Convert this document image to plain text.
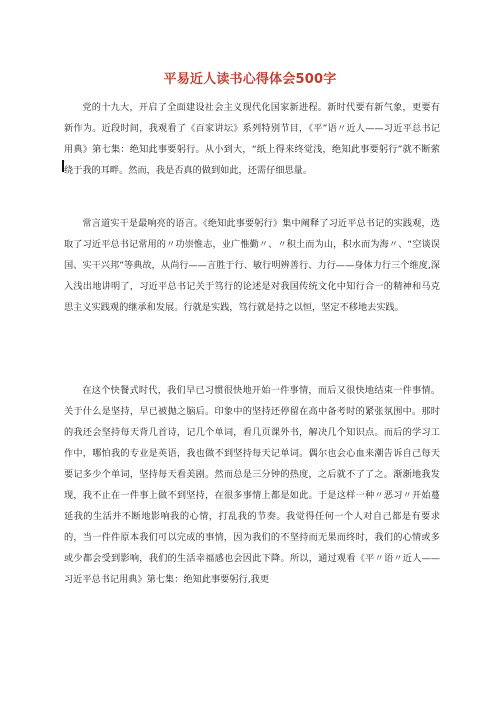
平易近人读书心得体会500字

党的十九大，开启了全面建设社会主义现代化国家新进程。新时代要有新气象，更要有新作为。近段时间，我观看了《百家讲坛》系列特别节目，《平”语〃近人——习近平总书记用典》第七集：绝知此事要躬行。从小到大，“纸上得来终觉浅，绝知此事要躬行”就不断萦绕于我的耳畔。然而，我是否真的做到如此，还需仔细思量。

常言道实干是最响亮的语言。《绝知此事要躬行》集中阐释了习近平总书记的实践观，选取了习近平总书记常用的〃功崇惟志，业广惟勤〃、〃积土而为山，积水而为海〃、“空谈误国、实干兴邦”等典故，从尚行——言胜于行、敏行明辨善行、力行——身体力行三个维度,深入浅出地讲明了，习近平总书记关于笃行的论述是对我国传统文化中知行合一的精神和马克思主义实践观的继承和发展。行就是实践，笃行就是持之以恒，坚定不移地去实践。

在这个快餐式时代，我们早已习惯很快地开始一件事情，而后又很快地结束一件事情。关于什么是坚持，早已被抛之脑后。印象中的坚持还停留在高中备考时的紧张氛围中。那时的我还会坚持每天背几首诗，记几个单词，看几页课外书，解决几个知识点。而后的学习工作中，哪怕我的专业是英语，我也做不到坚持每天记单词。偶尔也会心血来潮告诉自己每天要记多少个单词，坚持每天看美剧。然而总是三分钟的热度，之后就不了了之。渐渐地我发现，我不止在一件事上做不到坚持，在很多事情上都是如此。于是这样一种〃恶习〃开始蔓延我的生活并不断地影响我的心情，打乱我的节奏。我觉得任何一个人对自己都是有要求的，当一件件原本我们可以完成的事情，因为我们的不坚持而无果而终时，我们的心情或多或少都会受到影响，我们的生活幸福感也会因此下降。所以，通过观看《平〃语〃近人——习近平总书记用典》第七集：绝知此事要躬行,我更
